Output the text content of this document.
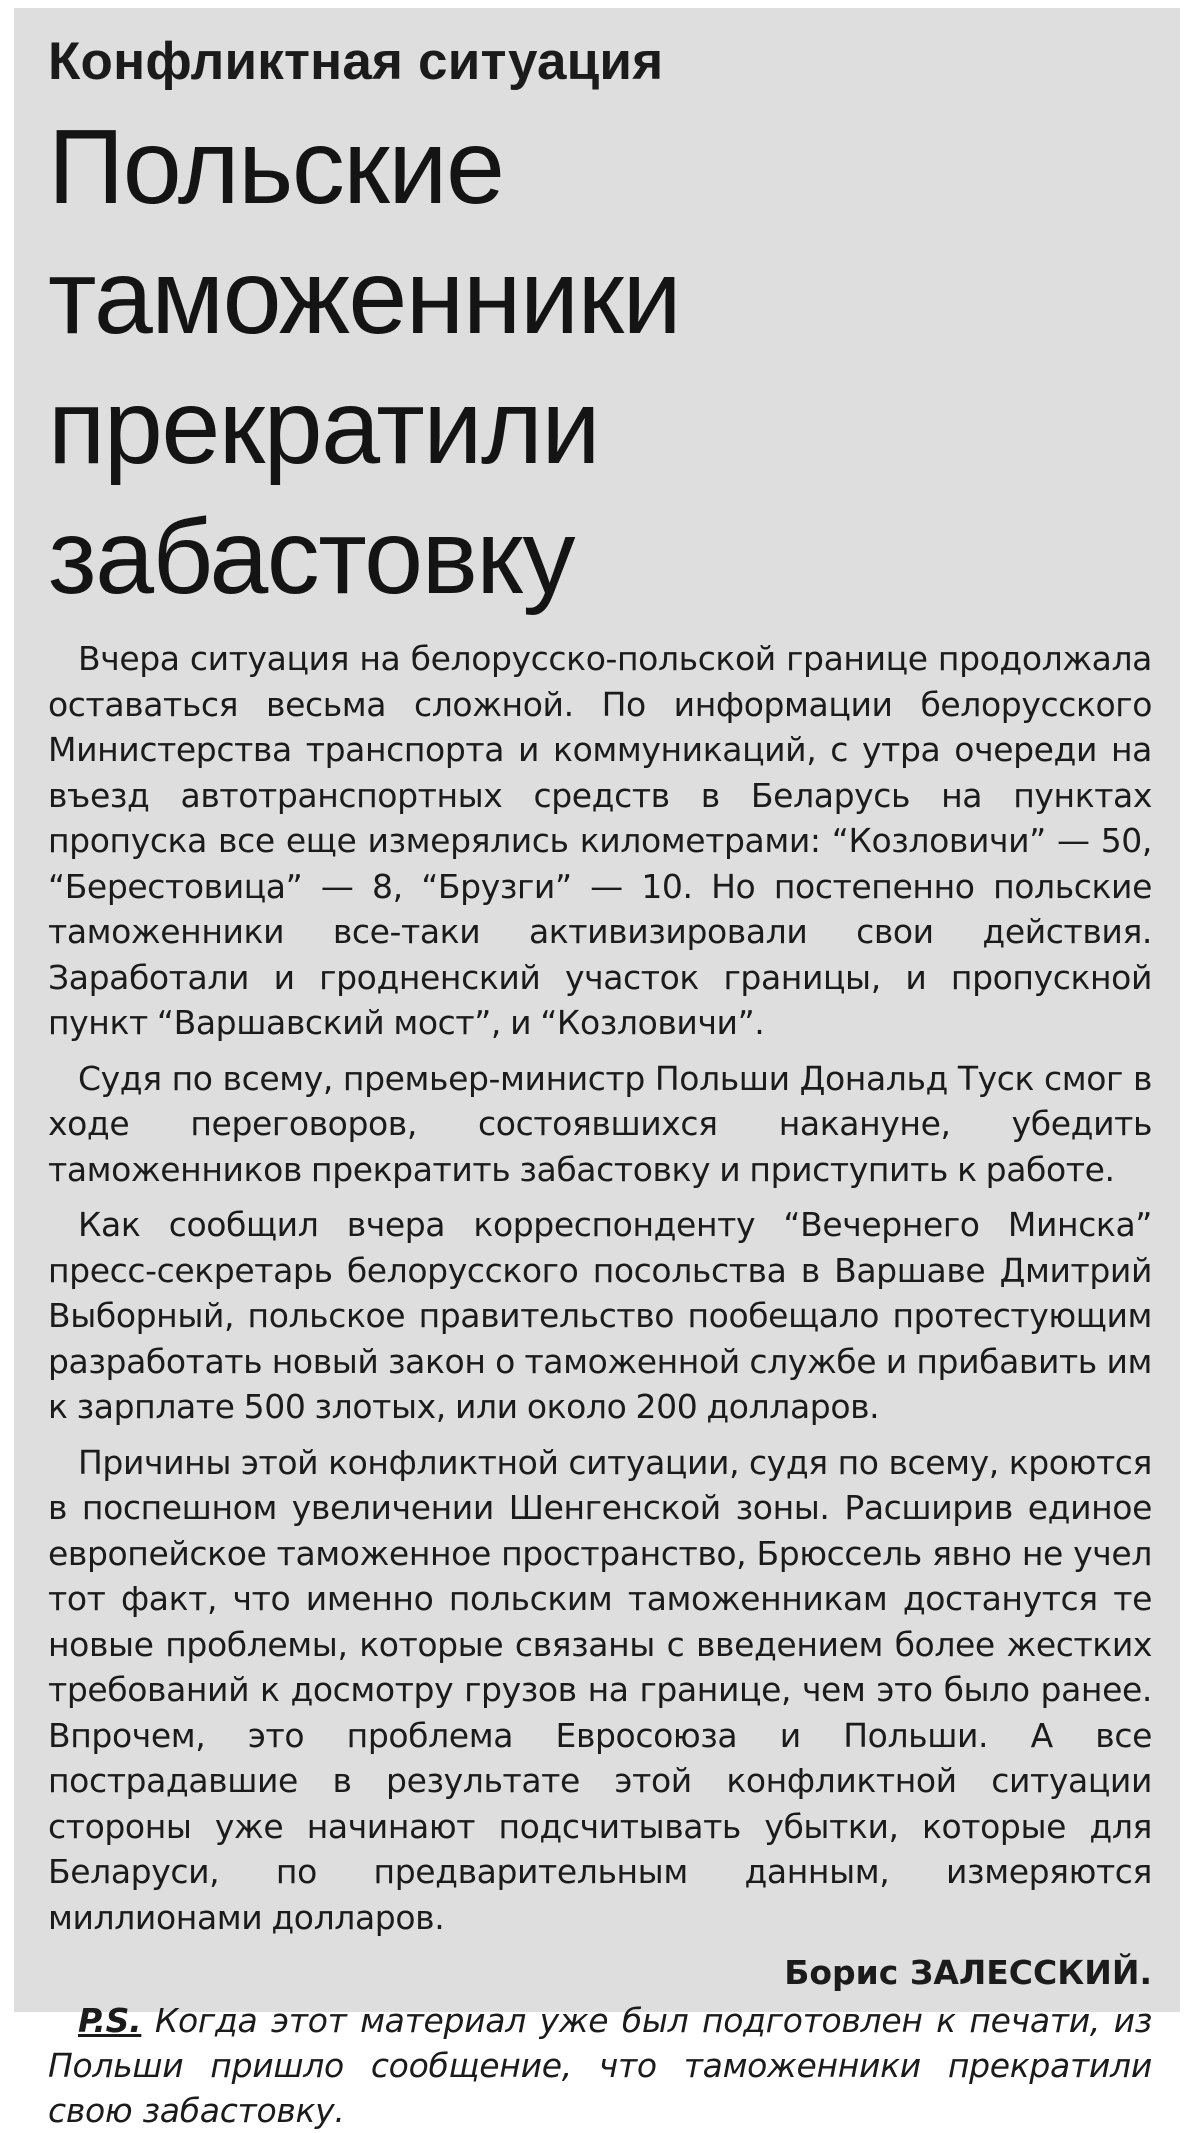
Конфликтная ситуация
Польские таможенники
прекратили забастовку

Вчера ситуация на белорусско-польской границе продолжала оставаться весьма сложной. По информации белорусского Министерства транспорта и коммуникаций, с утра очереди на въезд автотранспортных средств в Беларусь на пунктах пропуска все еще измерялись километрами: “Козловичи” — 50, “Берестовица” — 8, “Брузги” — 10. Но постепенно польские таможенники все-таки активизировали свои действия. Заработали и гродненский участок границы, и пропускной пункт “Варшавский мост”, и “Козловичи”.

Судя по всему, премьер-министр Польши Дональд Туск смог в ходе переговоров, состоявшихся накануне, убедить таможенников прекратить забастовку и приступить к работе.

Как сообщил вчера корреспонденту “Вечернего Минска” пресс-секретарь белорусского посольства в Варшаве Дмитрий Выборный, польское правительство пообещало протестующим разработать новый закон о таможенной службе и прибавить им к зарплате 500 злотых, или около 200 долларов.

Причины этой конфликтной ситуации, судя по всему, кроются в поспешном увеличении Шенгенской зоны. Расширив единое европейское таможенное пространство, Брюссель явно не учел тот факт, что именно польским таможенникам достанутся те новые проблемы, которые связаны с введением более жестких требований к досмотру грузов на границе, чем это было ранее. Впрочем, это проблема Евросоюза и Польши. А все пострадавшие в результате этой конфликтной ситуации стороны уже начинают подсчитывать убытки, которые для Беларуси, по предварительным данным, измеряются миллионами долларов.

Борис ЗАЛЕССКИЙ.

P.S. Когда этот материал уже был подготовлен к печати, из Польши пришло сообщение, что таможенники прекратили свою забастовку.
